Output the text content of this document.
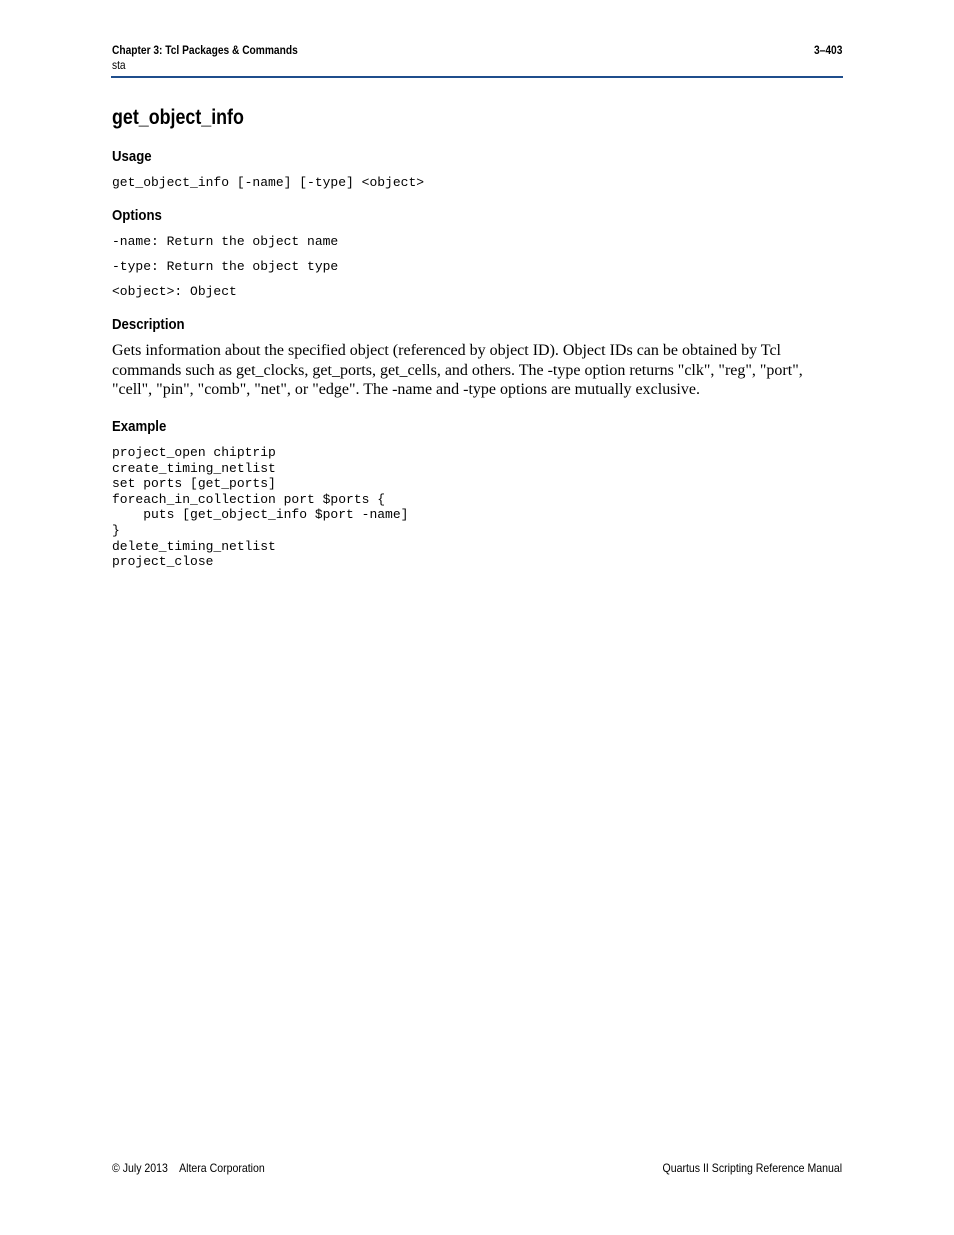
Chapter 3: Tcl Packages & Commands
sta
3–403
get_object_info
Usage
get_object_info [-name] [-type] <object>
Options
-name: Return the object name
-type: Return the object type
<object>: Object
Description

Gets information about the specified object (referenced by object ID). Object IDs can be obtained by Tcl commands such as get_clocks, get_ports, get_cells, and others. The -type option returns "clk", "reg", "port", "cell", "pin", "comb", "net", or "edge". The -name and -type options are mutually exclusive.

Example
project_open chiptrip
create_timing_netlist
set ports [get_ports]
foreach_in_collection port $ports {
puts [get_object_info $port -name]
}
delete_timing_netlist
project_close
© July 2013    Altera Corporation	Quartus II Scripting Reference Manual
